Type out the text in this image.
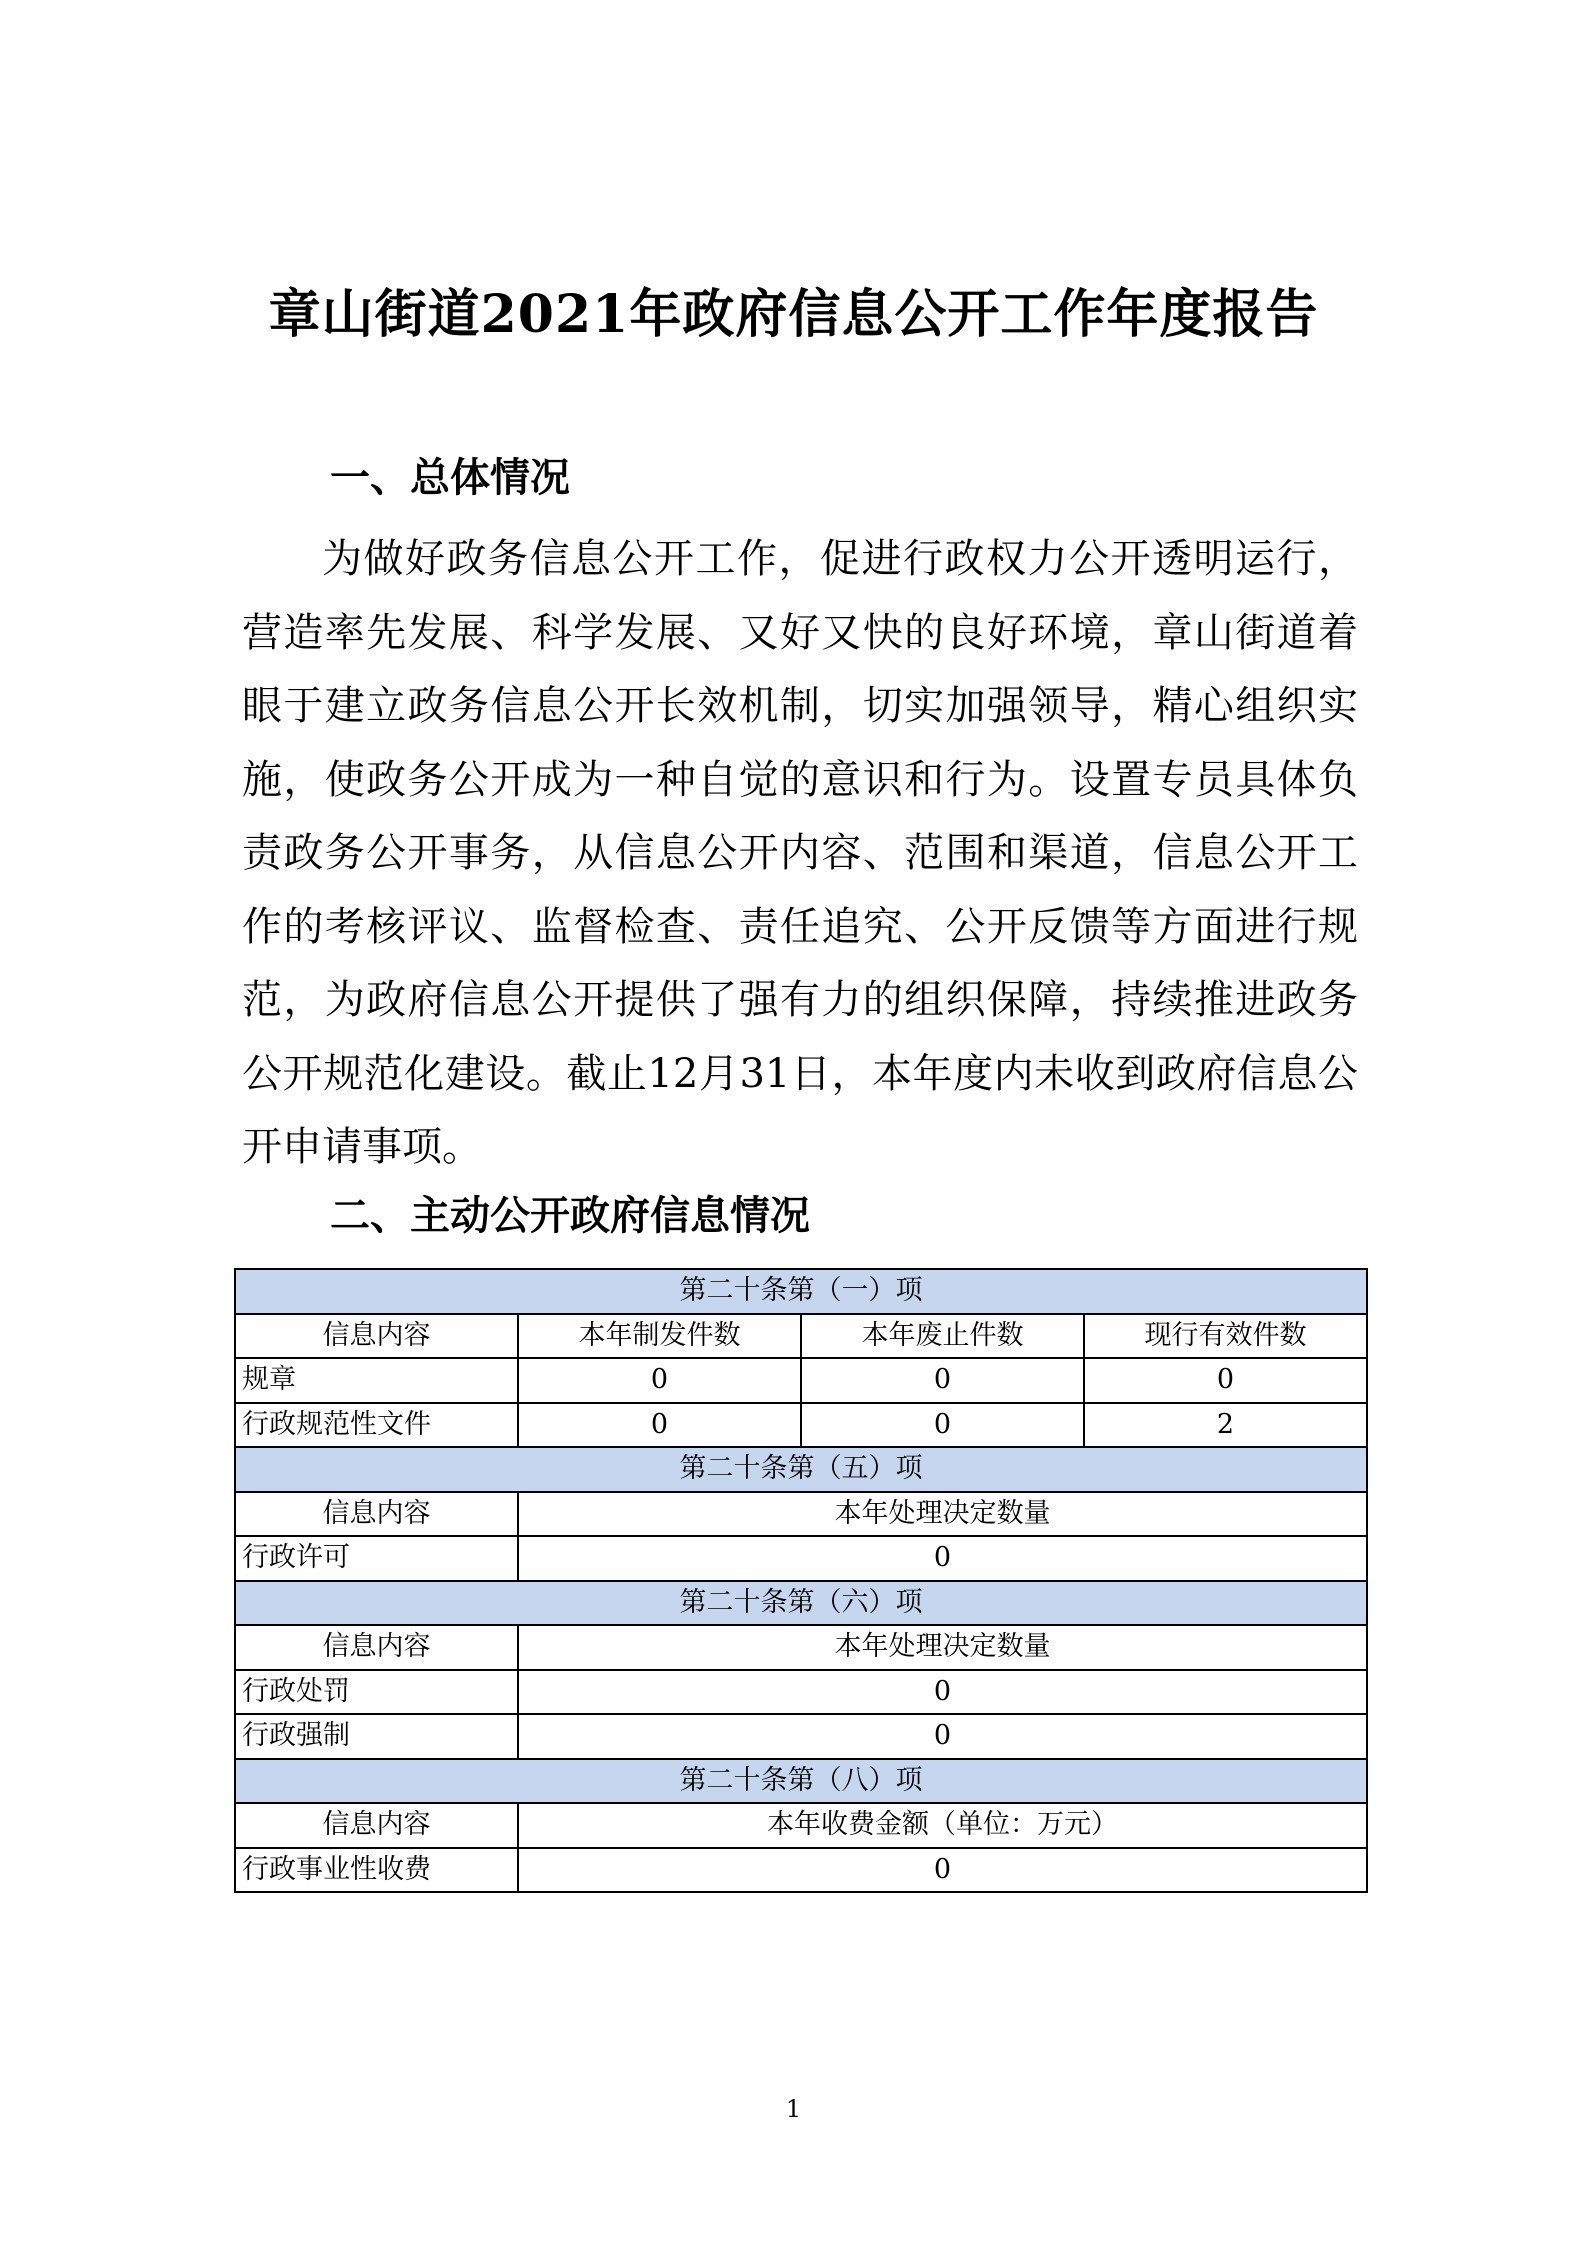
章山街道2021年政府信息公开工作年度报告
一、总体情况
为做好政务信息公开工作，促进行政权力公开透明运行，营造率先发展、科学发展、又好又快的良好环境，章山街道着眼于建立政务信息公开长效机制，切实加强领导，精心组织实施，使政务公开成为一种自觉的意识和行为。设置专员具体负责政务公开事务，从信息公开内容、范围和渠道，信息公开工作的考核评议、监督检查、责任追究、公开反馈等方面进行规范，为政府信息公开提供了强有力的组织保障，持续推进政务公开规范化建设。截止12月31日，本年度内未收到政府信息公开申请事项。
二、主动公开政府信息情况
第二十条第（一）项			
信息内容	本年制发件数	本年废止件数	现行有效件数
规章	0	0	0
行政规范性文件	0	0	2
第二十条第（五）项			
信息内容	本年处理决定数量		
行政许可	0		
第二十条第（六）项			
信息内容	本年处理决定数量		
行政处罚	0		
行政强制	0		
第二十条第（八）项			
信息内容	本年收费金额（单位：万元）		
行政事业性收费	0		
1
